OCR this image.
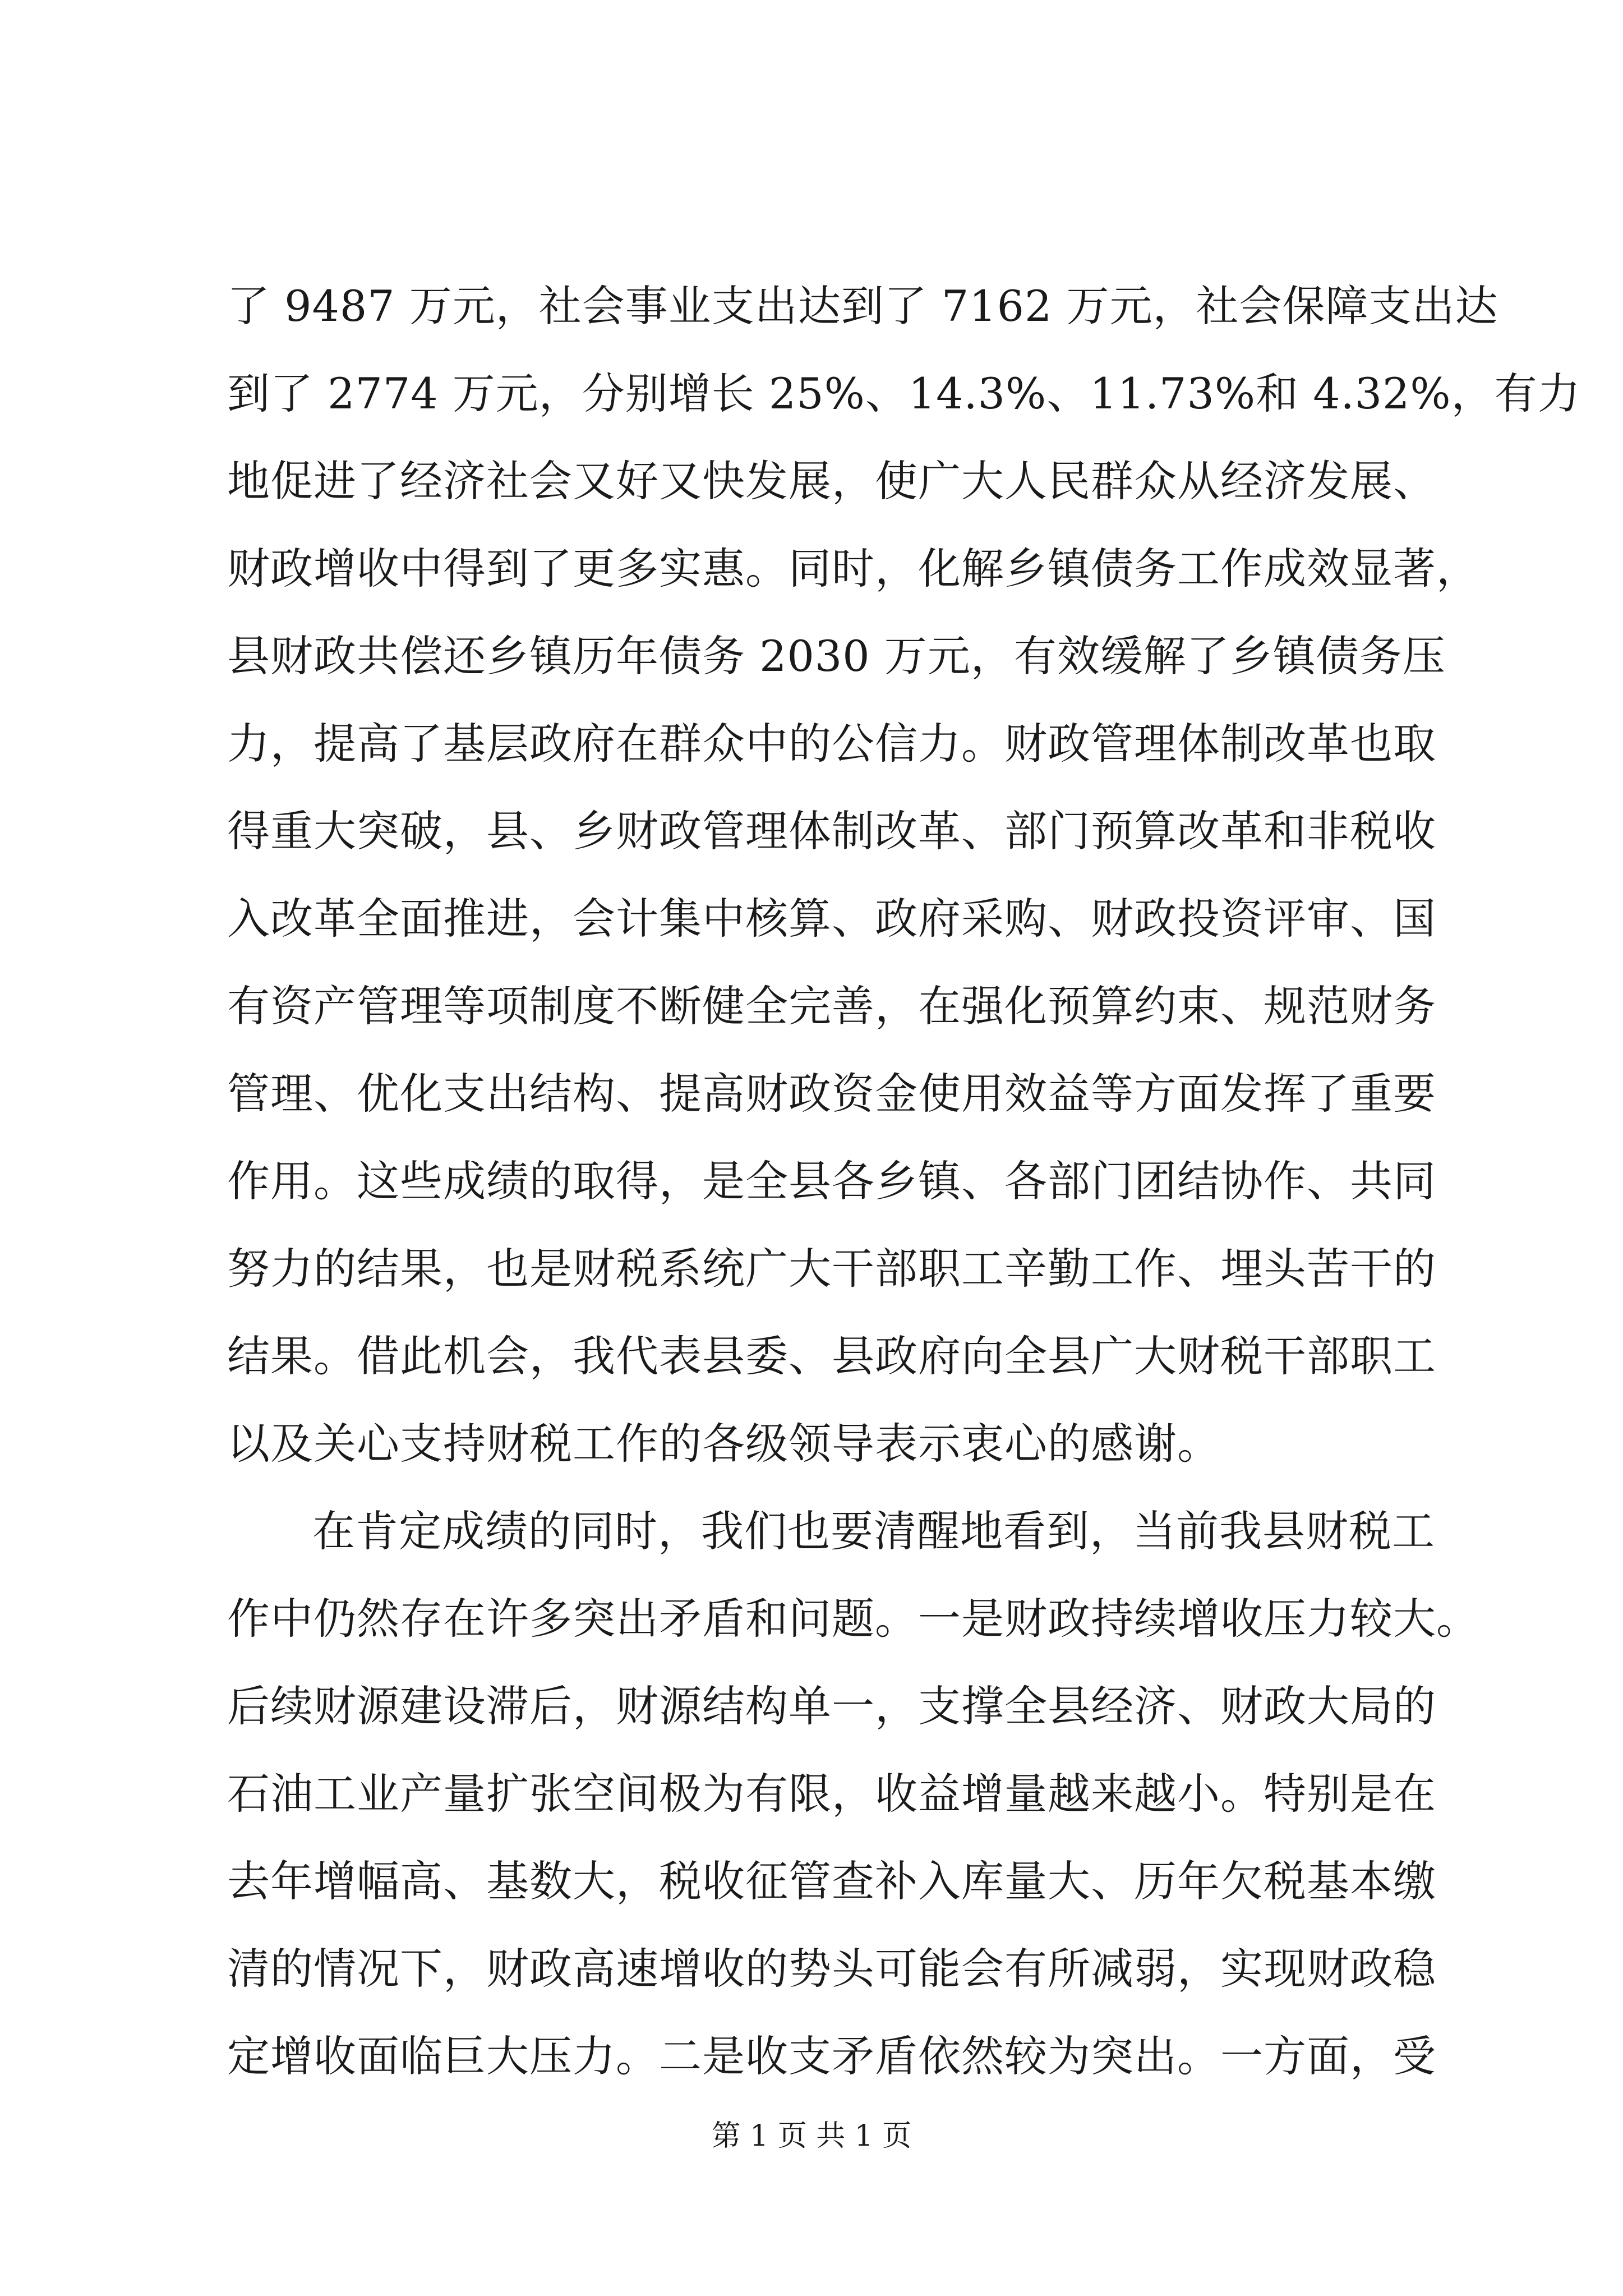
了 9487 万元，社会事业支出达到了 7162 万元，社会保障支出达
到了 2774 万元，分别增长 25%、14.3%、11.73%和 4.32%，有力
地促进了经济社会又好又快发展，使广大人民群众从经济发展、
财政增收中得到了更多实惠。同时，化解乡镇债务工作成效显著，
县财政共偿还乡镇历年债务 2030 万元，有效缓解了乡镇债务压
力，提高了基层政府在群众中的公信力。财政管理体制改革也取
得重大突破，县、乡财政管理体制改革、部门预算改革和非税收
入改革全面推进，会计集中核算、政府采购、财政投资评审、国
有资产管理等项制度不断健全完善，在强化预算约束、规范财务
管理、优化支出结构、提高财政资金使用效益等方面发挥了重要
作用。这些成绩的取得，是全县各乡镇、各部门团结协作、共同
努力的结果，也是财税系统广大干部职工辛勤工作、埋头苦干的
结果。借此机会，我代表县委、县政府向全县广大财税干部职工
以及关心支持财税工作的各级领导表示衷心的感谢。

在肯定成绩的同时，我们也要清醒地看到，当前我县财税工
作中仍然存在许多突出矛盾和问题。一是财政持续增收压力较大。
后续财源建设滞后，财源结构单一，支撑全县经济、财政大局的
石油工业产量扩张空间极为有限，收益增量越来越小。特别是在
去年增幅高、基数大，税收征管查补入库量大、历年欠税基本缴
清的情况下，财政高速增收的势头可能会有所减弱，实现财政稳
定增收面临巨大压力。二是收支矛盾依然较为突出。一方面，受

第 1 页 共 1 页
